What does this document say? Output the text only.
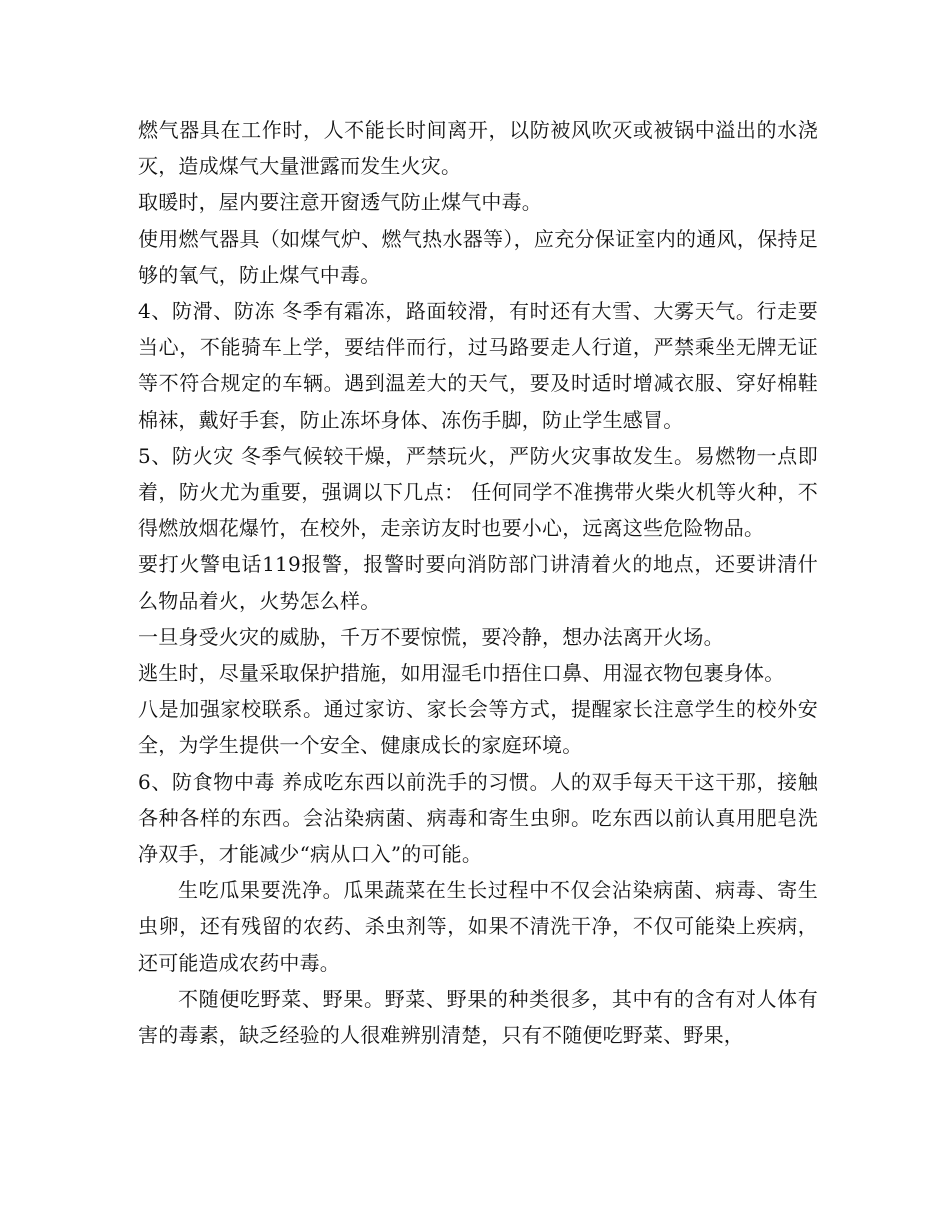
燃气器具在工作时，人不能长时间离开，以防被风吹灭或被锅中溢出的水浇灭，造成煤气大量泄露而发生火灾。

取暖时，屋内要注意开窗透气防止煤气中毒。

使用燃气器具（如煤气炉、燃气热水器等），应充分保证室内的通风，保持足够的氧气，防止煤气中毒。

4、防滑、防冻 冬季有霜冻，路面较滑，有时还有大雪、大雾天气。行走要当心，不能骑车上学，要结伴而行，过马路要走人行道，严禁乘坐无牌无证等不符合规定的车辆。遇到温差大的天气，要及时适时增减衣服、穿好棉鞋棉袜，戴好手套，防止冻坏身体、冻伤手脚，防止学生感冒。

5、防火灾 冬季气候较干燥，严禁玩火，严防火灾事故发生。易燃物一点即着，防火尤为重要，强调以下几点： 任何同学不准携带火柴火机等火种，不得燃放烟花爆竹，在校外，走亲访友时也要小心，远离这些危险物品。

要打火警电话119报警，报警时要向消防部门讲清着火的地点，还要讲清什么物品着火，火势怎么样。

一旦身受火灾的威胁，千万不要惊慌，要冷静，想办法离开火场。

逃生时，尽量采取保护措施，如用湿毛巾捂住口鼻、用湿衣物包裹身体。

八是加强家校联系。通过家访、家长会等方式，提醒家长注意学生的校外安全，为学生提供一个安全、健康成长的家庭环境。

6、防食物中毒 养成吃东西以前洗手的习惯。人的双手每天干这干那，接触各种各样的东西。会沾染病菌、病毒和寄生虫卵。吃东西以前认真用肥皂洗净双手，才能减少“病从口入”的可能。

生吃瓜果要洗净。瓜果蔬菜在生长过程中不仅会沾染病菌、病毒、寄生虫卵，还有残留的农药、杀虫剂等，如果不清洗干净，不仅可能染上疾病，还可能造成农药中毒。

不随便吃野菜、野果。野菜、野果的种类很多，其中有的含有对人体有害的毒素，缺乏经验的人很难辨别清楚，只有不随便吃野菜、野果，
